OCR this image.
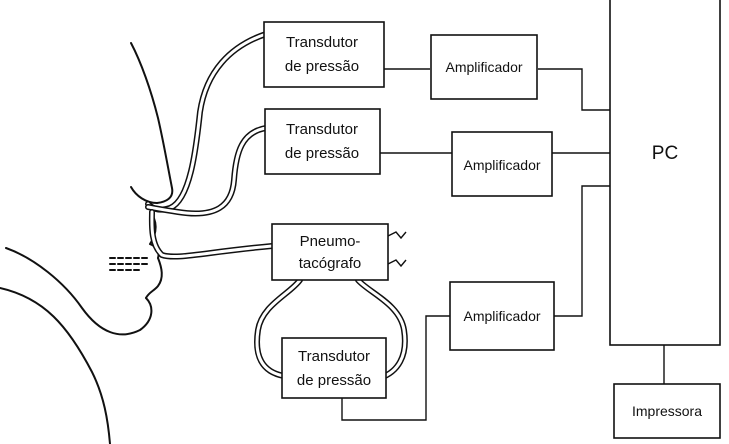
Transdutor
de pressão	Amplificador
Transdutor
de pressão
Amplificador
Pneumo-
tacógrafo
Amplificador
Transdutor
de pressão
PC
Impressora
